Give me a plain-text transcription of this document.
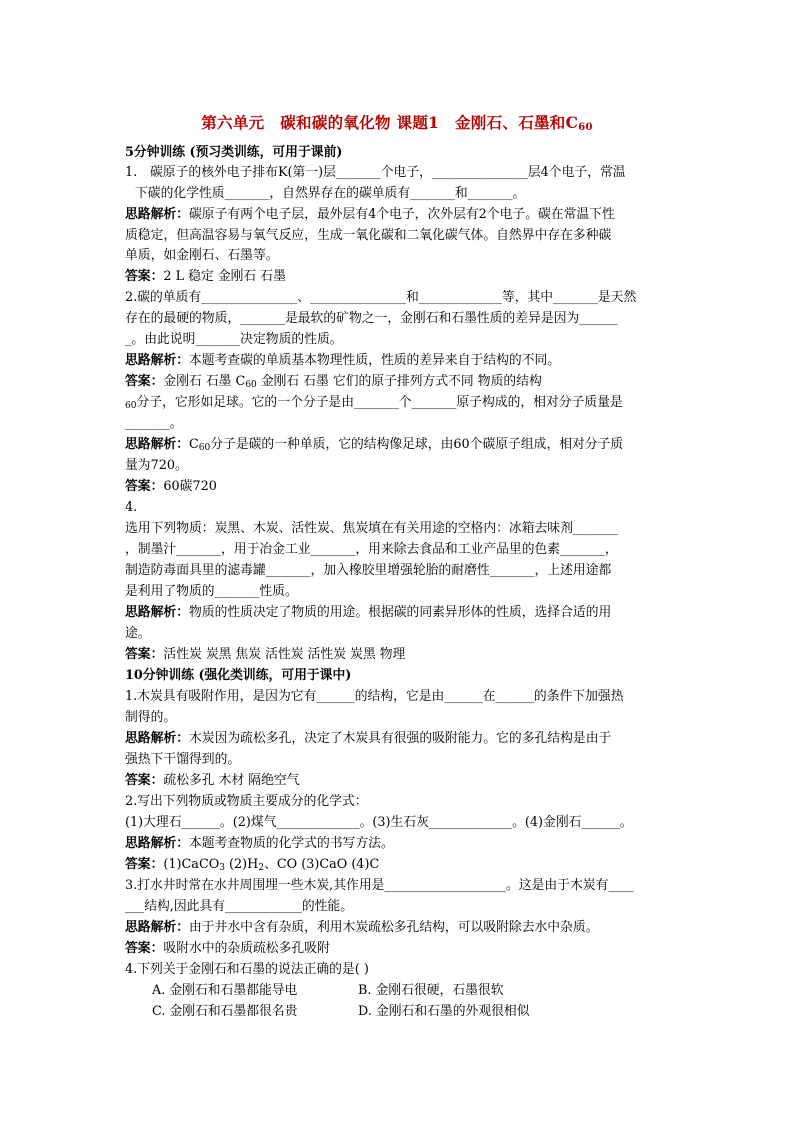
第六单元　碳和碳的氧化物 课题1　金刚石、石墨和$C_{60}$
5分钟训练 (预习类训练，可用于课前)
1.　碳原子的核外电子排布K(第一)层_______个电子，_______________层4个电子，常温
下碳的化学性质_______，自然界存在的碳单质有_______和_______。
思路解析：碳原子有两个电子层，最外层有4个电子，次外层有2个电子。碳在常温下性
质稳定，但高温容易与氧气反应，生成一氧化碳和二氧化碳气体。自然界中存在多种碳
单质，如金刚石、石墨等。
答案：2 L 稳定 金刚石 石墨
2.碳的单质有_______________、_______________和_____________等，其中_______是天然
存在的最硬的物质，_______是最软的矿物之一，金刚石和石墨性质的差异是因为______
_。由此说明_______决定物质的性质。
思路解析：本题考查碳的单质基本物理性质，性质的差异来自于结构的不同。
答案：金刚石 石墨 $C_{60}$ 金刚石 石墨 它们的原子排列方式不同 物质的结构
$_{60}$分子，它形如足球。它的一个分子是由_______个_______原子构成的，相对分子质量是
_______。
思路解析：$C_{60}$分子是碳的一种单质，它的结构像足球，由60个碳原子组成，相对分子质
量为720。
答案：60碳720
4.
选用下列物质：炭黑、木炭、活性炭、焦炭填在有关用途的空格内：冰箱去味剂_______
，制墨汁_______，用于冶金工业_______，用来除去食品和工业产品里的色素_______，
制造防毒面具里的滤毒罐_______，加入橡胶里增强轮胎的耐磨性_______，上述用途都
是利用了物质的_______性质。
思路解析：物质的性质决定了物质的用途。根据碳的同素异形体的性质，选择合适的用
途。
答案：活性炭 炭黑 焦炭 活性炭 活性炭 炭黑 物理
10分钟训练 (强化类训练，可用于课中)
1.木炭具有吸附作用，是因为它有______的结构，它是由______在______的条件下加强热
制得的。
思路解析：木炭因为疏松多孔，决定了木炭具有很强的吸附能力。它的多孔结构是由于
强热下干馏得到的。
答案：疏松多孔 木材 隔绝空气
2.写出下列物质或物质主要成分的化学式：
(1)大理石______。(2)煤气_____________。(3)生石灰_____________。(4)金刚石______。
思路解析：本题考查物质的化学式的书写方法。
答案：(1)CaCO$_3$ $(2)H_2$、CO (3)CaO (4)C
3.打水井时常在水井周围埋一些木炭,其作用是___________________。这是由于木炭有____
___结构,因此具有____________的性能。
思路解析：由于井水中含有杂质，利用木炭疏松多孔结构，可以吸附除去水中杂质。
答案：吸附水中的杂质疏松多孔吸附
4.下列关于金刚石和石墨的说法正确的是( )
A. 金刚石和石墨都能导电	B. 金刚石很硬，石墨很软
C. 金刚石和石墨都很名贵	D. 金刚石和石墨的外观很相似
